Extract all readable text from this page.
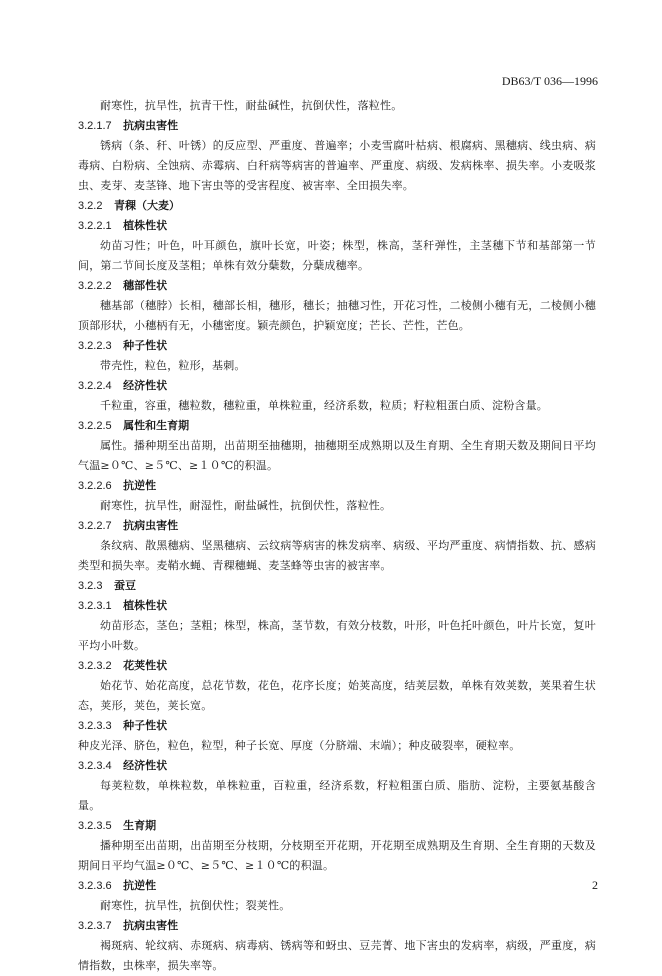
DB63/T 036—1996

耐寒性，抗旱性，抗青干性，耐盐碱性，抗倒伏性，落粒性。

3.2.1.7 抗病虫害性

锈病（条、秆、叶锈）的反应型、严重度、普遍率；小麦雪腐叶枯病、根腐病、黑穗病、线虫病、病毒病、白粉病、全蚀病、赤霉病、白秆病等病害的普遍率、严重度、病级、发病株率、损失率。小麦吸浆虫、麦芽、麦茎锋、地下害虫等的受害程度、被害率、全田损失率。

3.2.2 青稞（大麦）
3.2.2.1 植株性状

幼苗习性；叶色，叶耳颜色，旗叶长宽，叶姿；株型，株高，茎秆弹性，主茎穗下节和基部第一节间，第二节间长度及茎粗；单株有效分蘖数，分蘖成穗率。

3.2.2.2 穗部性状

穗基部（穗脖）长相，穗部长相，穗形，穗长；抽穗习性，开花习性，二棱侧小穗有无，二棱侧小穗顶部形状，小穗柄有无，小穗密度。颖壳颜色，护颖宽度；芒长、芒性，芒色。

3.2.2.3 种子性状

带壳性，粒色，粒形，基刺。

3.2.2.4 经济性状

千粒重，容重，穗粒数，穗粒重，单株粒重，经济系数，粒质；籽粒粗蛋白质、淀粉含量。

3.2.2.5 属性和生育期

属性。播种期至出苗期，出苗期至抽穗期，抽穗期至成熟期以及生育期、全生育期天数及期间日平均气温≥０℃、≥５℃、≥１０℃的积温。

3.2.2.6 抗逆性

耐寒性，抗旱性，耐湿性，耐盐碱性，抗倒伏性，落粒性。

3.2.2.7 抗病虫害性

条纹病、散黑穗病、坚黑穗病、云纹病等病害的株发病率、病级、平均严重度、病情指数、抗、感病类型和损失率。麦鞘水蝇、青稞穗蝇、麦茎蜂等虫害的被害率。

3.2.3 蚕豆
3.2.3.1 植株性状

幼苗形态，茎色；茎粗；株型，株高，茎节数，有效分枝数，叶形，叶色托叶颜色，叶片长宽，复叶平均小叶数。

3.2.3.2 花荚性状

始花节、始花高度，总花节数，花色，花序长度；始荚高度，结荚层数，单株有效荚数，荚果着生状态，荚形，荚色，荚长宽。

3.2.3.3 种子性状

种皮光泽、脐色，粒色，粒型，种子长宽、厚度（分脐端、末端）；种皮破裂率，硬粒率。

3.2.3.4 经济性状

每荚粒数，单株粒数，单株粒重，百粒重，经济系数，籽粒粗蛋白质、脂肪、淀粉，主要氨基酸含量。

3.2.3.5 生育期

播种期至出苗期，出苗期至分枝期，分枝期至开花期，开花期至成熟期及生育期、全生育期的天数及期间日平均气温≥０℃、≥５℃、≥１０℃的积温。

3.2.3.6 抗逆性

耐寒性，抗旱性，抗倒伏性；裂荚性。

3.2.3.7 抗病虫害性

褐斑病、轮纹病、赤斑病、病毒病、锈病等和蚜虫、豆芫菁、地下害虫的发病率，病级，严重度，病情指数，虫株率，损失率等。

2
